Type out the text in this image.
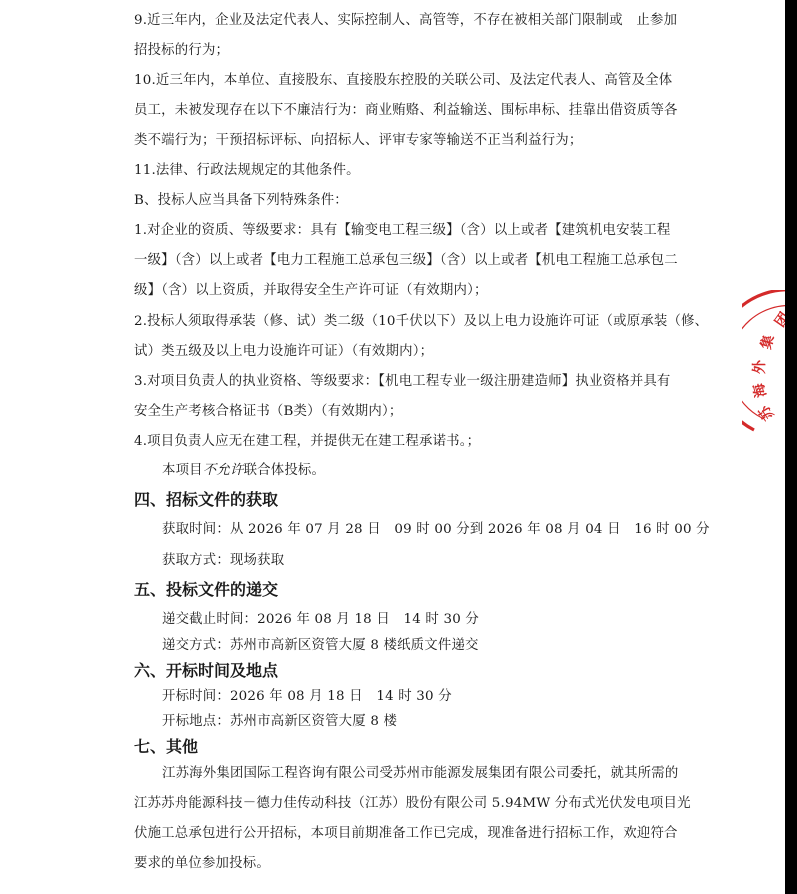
9.近三年内，企业及法定代表人、实际控制人、高管等，不存在被相关部门限制或　止参加
招投标的行为；
10.近三年内，本单位、直接股东、直接股东控股的关联公司、及法定代表人、高管及全体
员工，未被发现存在以下不廉洁行为：商业贿赂、利益输送、围标串标、挂靠出借资质等各
类不端行为；干预招标评标、向招标人、评审专家等输送不正当利益行为；
11.法律、行政法规规定的其他条件。
B、投标人应当具备下列特殊条件：
1.对企业的资质、等级要求：具有【输变电工程三级】（含）以上或者【建筑机电安装工程
一级】（含）以上或者【电力工程施工总承包三级】（含）以上或者【机电工程施工总承包二
级】（含）以上资质，并取得安全生产许可证（有效期内）；
2.投标人须取得承装（修、试）类二级（10千伏以下）及以上电力设施许可证（或原承装（修、
试）类五级及以上电力设施许可证）（有效期内）；
3.对项目负责人的执业资格、等级要求：【机电工程专业一级注册建造师】执业资格并具有
安全生产考核合格证书（B类）（有效期内）；
4.项目负责人应无在建工程，并提供无在建工程承诺书。；
本项目不允许联合体投标。
四、招标文件的获取
获取时间：从 2026 年 07 月 28 日　09 时 00 分到 2026 年 08 月 04 日　16 时 00 分
获取方式：现场获取
五、投标文件的递交
递交截止时间：2026 年 08 月 18 日　14 时 30 分
递交方式：苏州市高新区资管大厦 8 楼纸质文件递交
六、开标时间及地点
开标时间：2026 年 08 月 18 日　14 时 30 分
开标地点：苏州市高新区资管大厦 8 楼
七、其他
江苏海外集团国际工程咨询有限公司受苏州市能源发展集团有限公司委托，就其所需的
江苏苏舟能源科技－德力佳传动科技（江苏）股份有限公司 5.94MW 分布式光伏发电项目光
伏施工总承包进行公开招标，本项目前期准备工作已完成，现准备进行招标工作，欢迎符合
要求的单位参加投标。
团
集
外
海
苏
